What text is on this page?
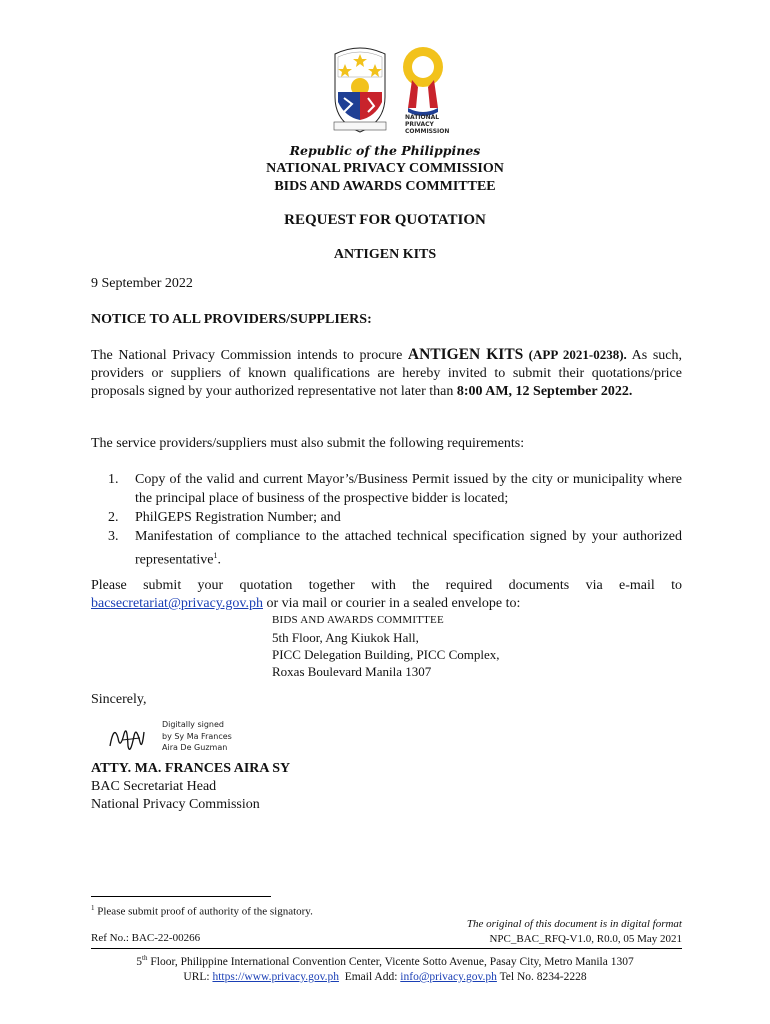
NATIONAL
PRIVACY
COMMISSION
Republic of the Philippines
NATIONAL PRIVACY COMMISSION
BIDS AND AWARDS COMMITTEE
REQUEST FOR QUOTATION
ANTIGEN KITS
9 September 2022
NOTICE TO ALL PROVIDERS/SUPPLIERS:
The National Privacy Commission intends to procure ANTIGEN KITS (APP 2021-0238). As such, providers or suppliers of known qualifications are hereby invited to submit their quotations/price proposals signed by your authorized representative not later than 8:00 AM, 12 September 2022.
The service providers/suppliers must also submit the following requirements:
1.	Copy of the valid and current Mayor’s/Business Permit issued by the city or municipality where the principal place of business of the prospective bidder is located;
2.	PhilGEPS Registration Number; and
3.	Manifestation of compliance to the attached technical specification signed by your authorized representative$^1$.
Please submit your quotation together with the required documents via e-mail to bacsecretariat@privacy.gov.ph or via mail or courier in a sealed envelope to:
BIDS AND AWARDS COMMITTEE
5th Floor, Ang Kiukok Hall,
PICC Delegation Building, PICC Complex,
Roxas Boulevard Manila 1307
Sincerely,
Digitally signed
by Sy Ma Frances
Aira De Guzman
ATTY. MA. FRANCES AIRA SY
BAC Secretariat Head
National Privacy Commission
$^1$ Please submit proof of authority of the signatory.
The original of this document is in digital format
NPC_BAC_RFQ-V1.0, R0.0, 05 May 2021
Ref No.: BAC-22-00266
5th Floor, Philippine International Convention Center, Vicente Sotto Avenue, Pasay City, Metro Manila 1307
URL: https://www.privacy.gov.ph  Email Add: info@privacy.gov.ph Tel No. 8234-2228
